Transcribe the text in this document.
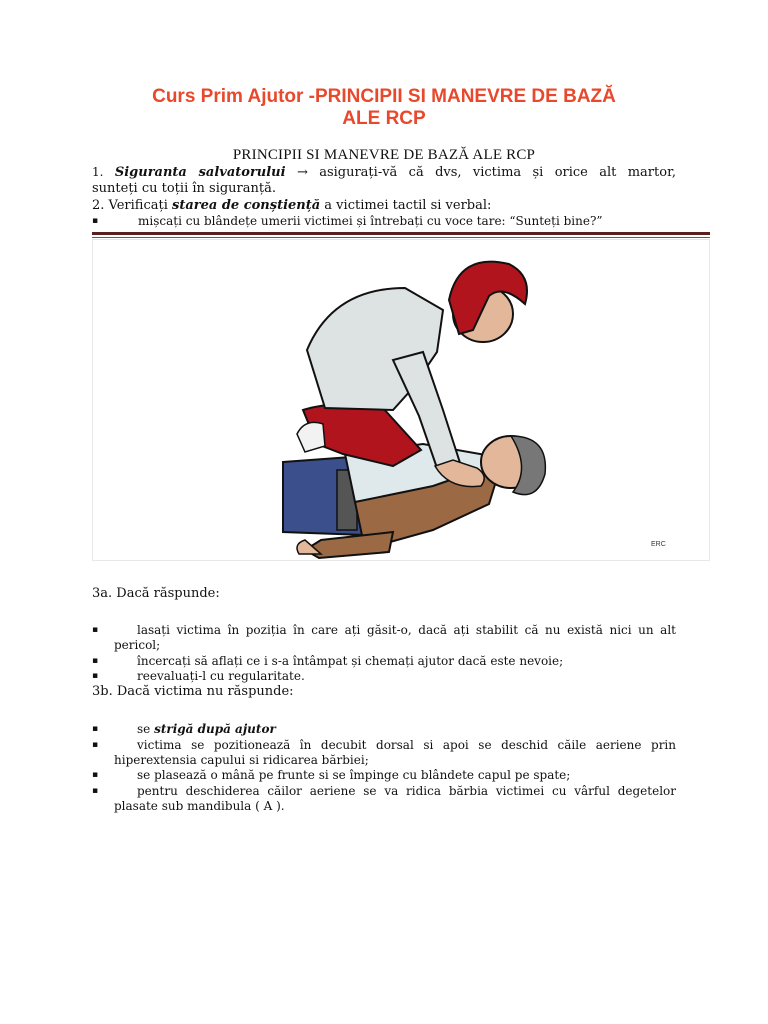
Curs Prim Ajutor -PRINCIPII SI MANEVRE DE BAZĂ
ALE RCP
PRINCIPII SI MANEVRE DE BAZĂ ALE RCP
1. Siguranta salvatorului → asigurați-vă că dvs, victima și orice alt martor,
sunteți cu toții în siguranță.
2. Verificați starea de conștiență a victimei tactil si verbal:
▪	mișcați cu blândețe umerii victimei și întrebați cu voce tare: “Sunteți bine?”
ERC
3a. Dacă răspunde:
▪	lasați victima în poziția în care ați găsit-o, dacă ați stabilit că nu există nici un alt pericol;
▪	încercați să aflați ce i s-a întâmpat și chemați ajutor dacă este nevoie;
▪	reevaluați-l cu regularitate.
3b. Dacă victima nu răspunde:
▪	se strigă după ajutor
▪	victima se pozitionează în decubit dorsal si apoi se deschid căile aeriene prin hiperextensia capului si ridicarea bărbiei;
▪	se plasează o mână pe frunte si se împinge cu blândete capul pe spate;
▪	pentru deschiderea căilor aeriene se va ridica bărbia victimei cu vârful degetelor plasate sub mandibula ( A ).
